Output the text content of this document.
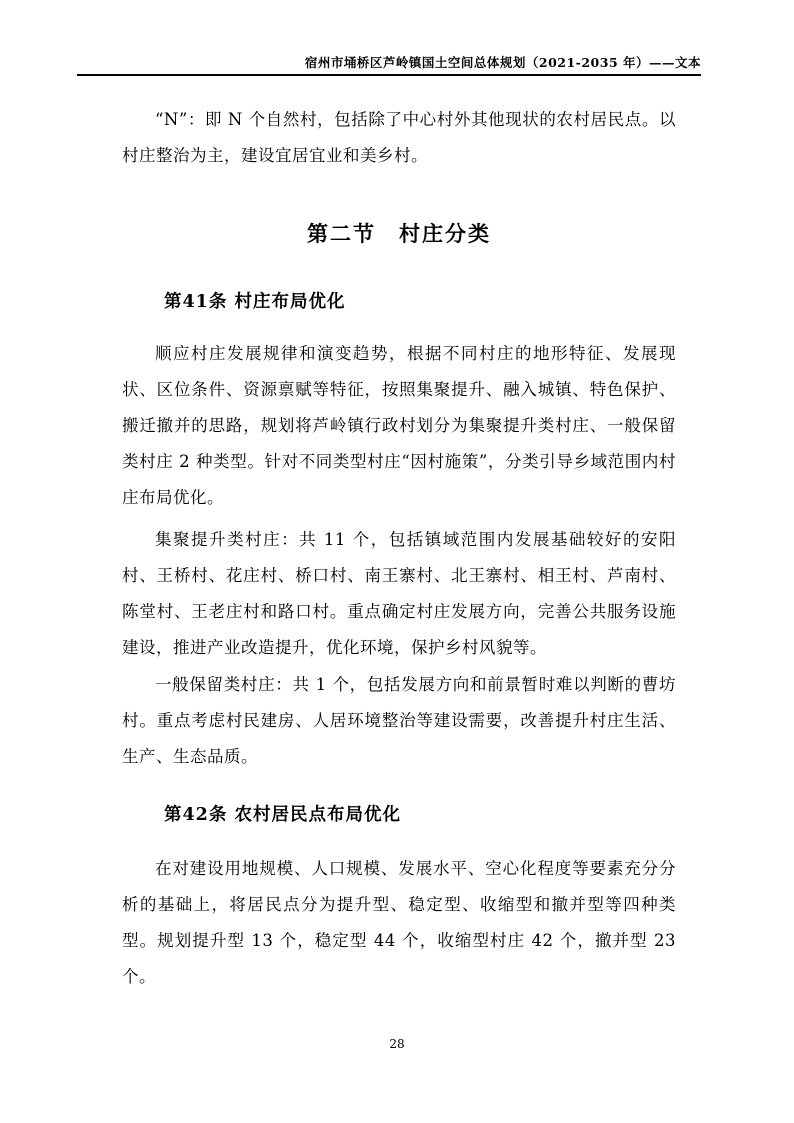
宿州市埇桥区芦岭镇国土空间总体规划（2021-2035 年）——文本

“N”：即 N 个自然村，包括除了中心村外其他现状的农村居民点。以村庄整治为主，建设宜居宜业和美乡村。

第二节　村庄分类
第41条 村庄布局优化

顺应村庄发展规律和演变趋势，根据不同村庄的地形特征、发展现状、区位条件、资源禀赋等特征，按照集聚提升、融入城镇、特色保护、搬迁撤并的思路，规划将芦岭镇行政村划分为集聚提升类村庄、一般保留类村庄 2 种类型。针对不同类型村庄“因村施策”，分类引导乡域范围内村庄布局优化。

集聚提升类村庄：共 11 个，包括镇域范围内发展基础较好的安阳村、王桥村、花庄村、桥口村、南王寨村、北王寨村、相王村、芦南村、陈堂村、王老庄村和路口村。重点确定村庄发展方向，完善公共服务设施建设，推进产业改造提升，优化环境，保护乡村风貌等。

一般保留类村庄：共 1 个，包括发展方向和前景暂时难以判断的曹坊村。重点考虑村民建房、人居环境整治等建设需要，改善提升村庄生活、生产、生态品质。

第42条 农村居民点布局优化

在对建设用地规模、人口规模、发展水平、空心化程度等要素充分分析的基础上，将居民点分为提升型、稳定型、收缩型和撤并型等四种类型。规划提升型 13 个，稳定型 44 个，收缩型村庄 42 个，撤并型 23 个。

28
